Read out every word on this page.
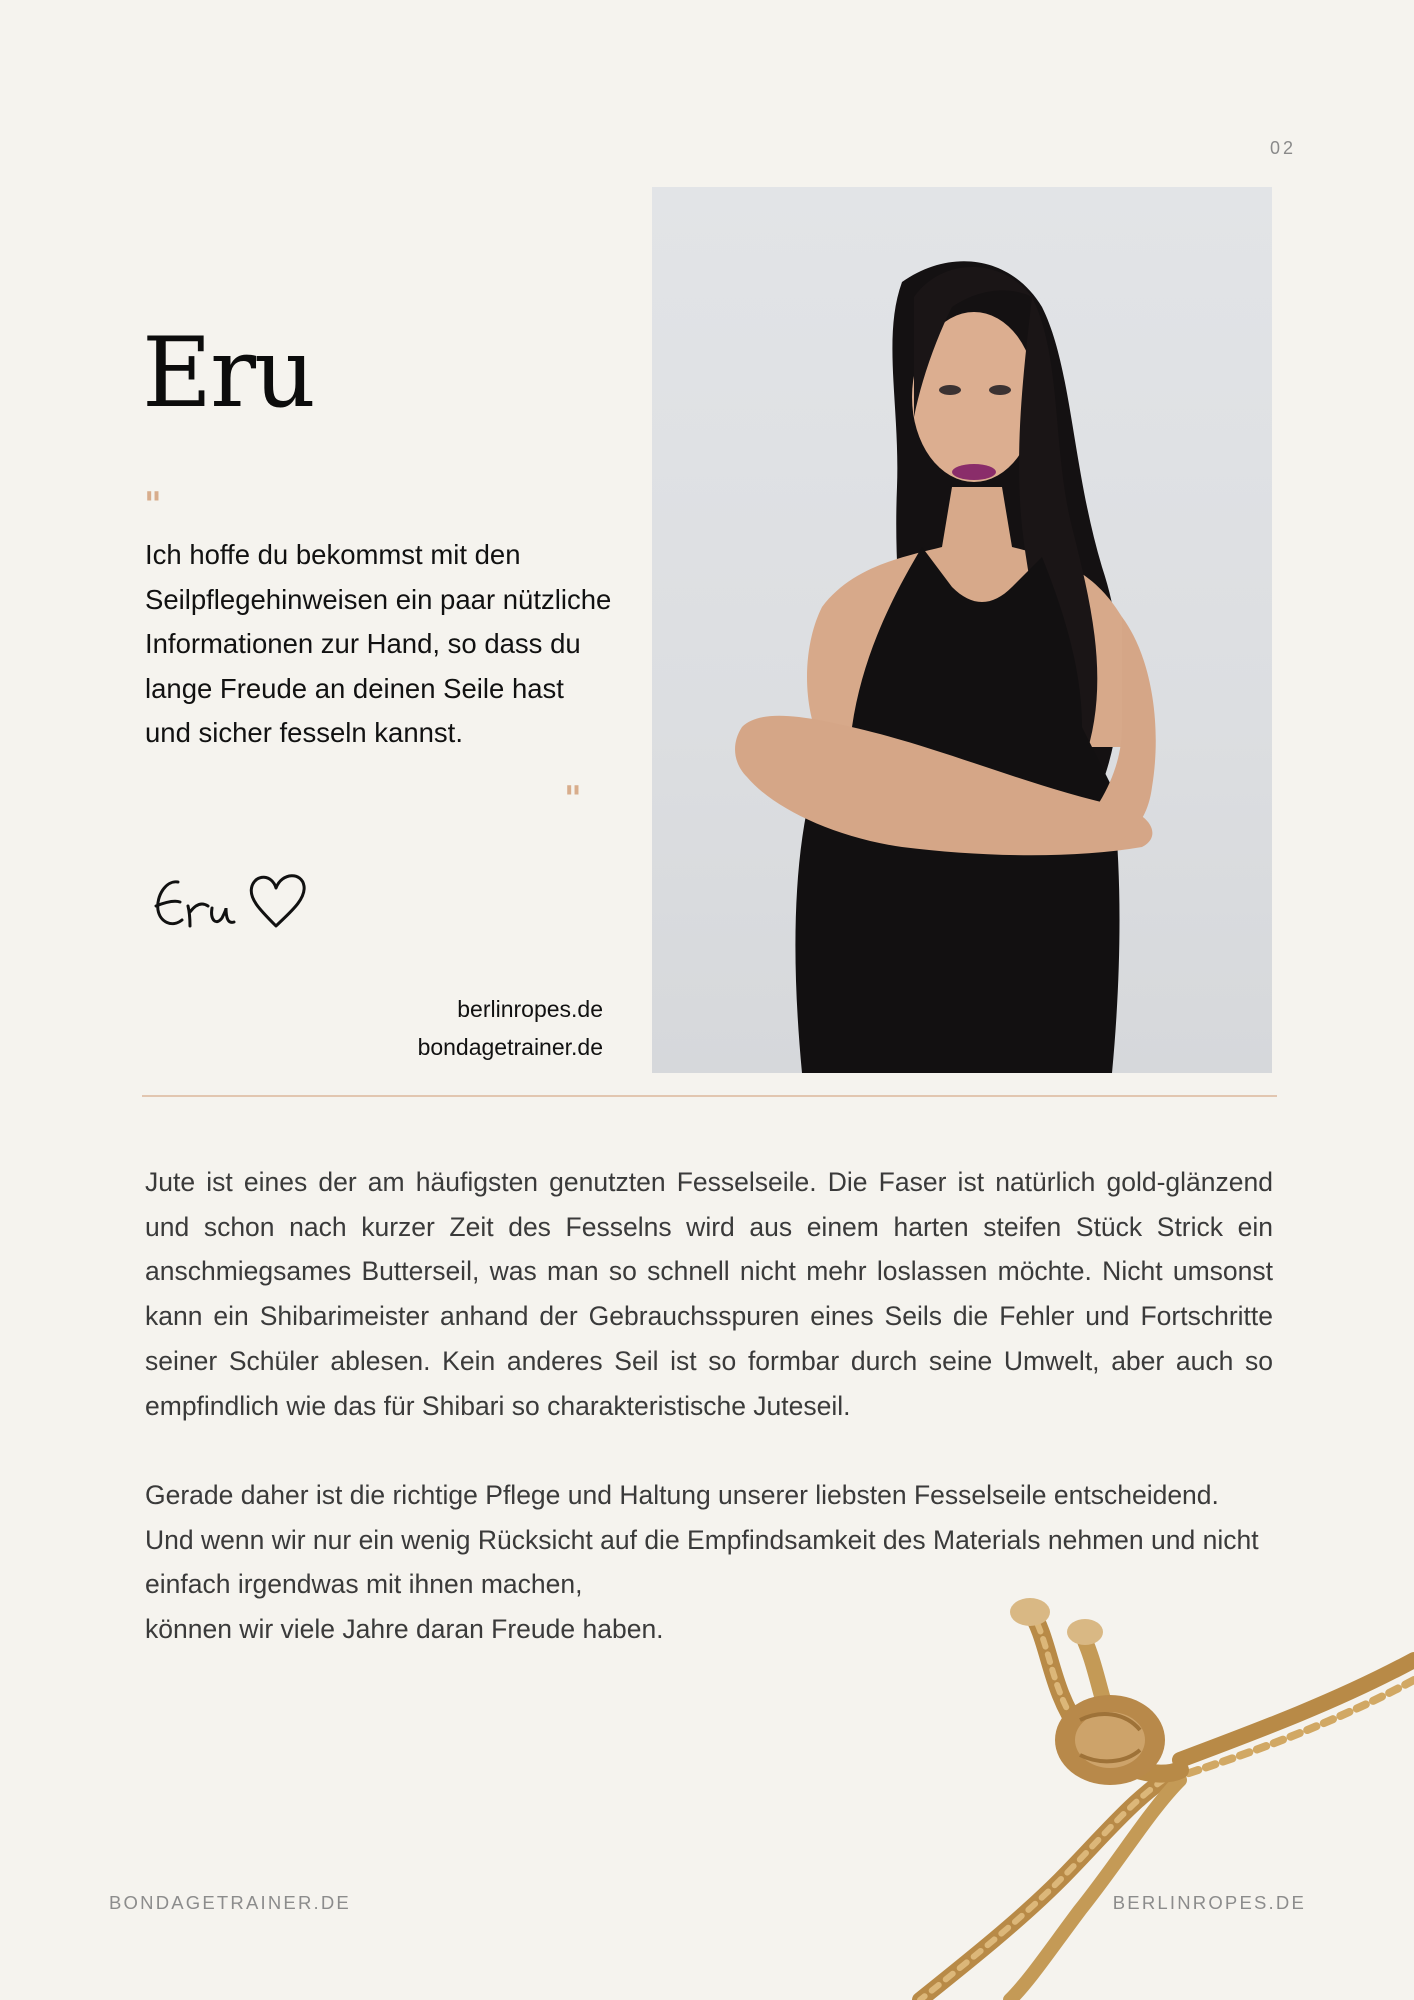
02
Eru
"
Ich hoffe du bekommst mit den Seilpflegehinweisen ein paar nützliche Informationen zur Hand, so dass du lange Freude an deinen Seile hast und sicher fesseln kannst.
"
berlinropes.de
bondagetrainer.de

Jute ist eines der am häufigsten genutzten Fesselseile. Die Faser ist natürlich gold-glänzend und schon nach kurzer Zeit des Fesselns wird aus einem harten steifen Stück Strick ein anschmiegsames Butterseil, was man so schnell nicht mehr loslassen möchte. Nicht umsonst kann ein Shibarimeister anhand der Gebrauchsspuren eines Seils die Fehler und Fortschritte seiner Schüler ablesen. Kein anderes Seil ist so formbar durch seine Umwelt, aber auch so empfindlich wie das für Shibari so charakteristische Juteseil.

Gerade daher ist die richtige Pflege und Haltung unserer liebsten Fesselseile entscheidend. Und wenn wir nur ein wenig Rücksicht auf die Empfindsamkeit des Materials nehmen und nicht einfach irgendwas mit ihnen machen,
können wir viele Jahre daran Freude haben.

BONDAGETRAINER.DE	BERLINROPES.DE
